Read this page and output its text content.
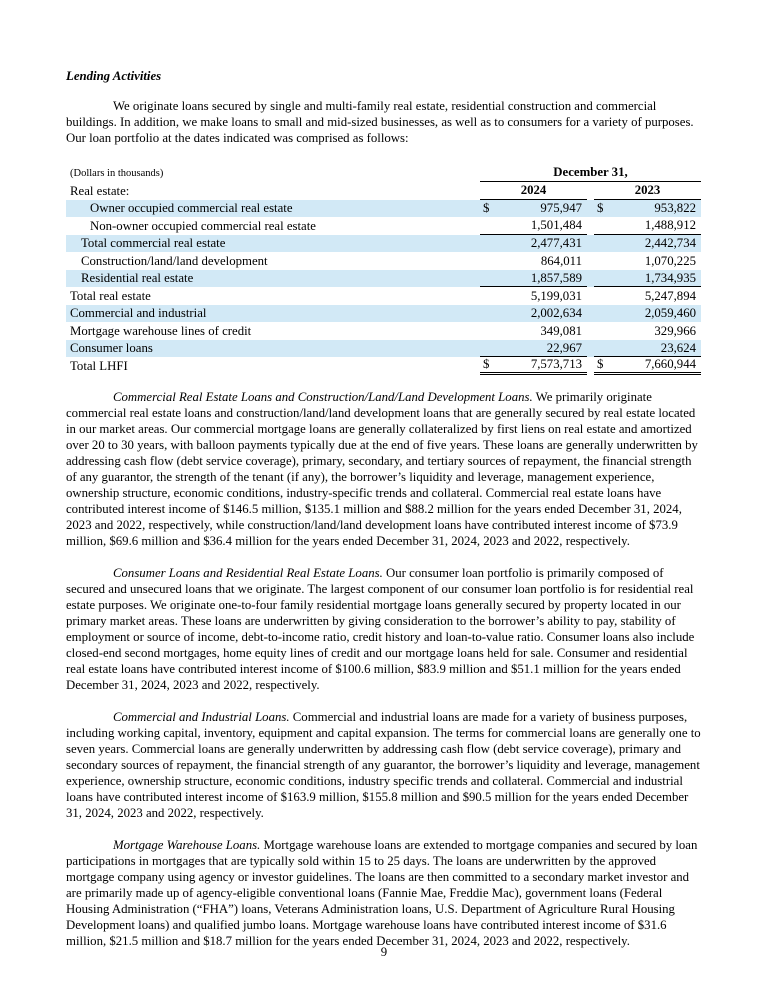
Lending Activities

We originate loans secured by single and multi-family real estate, residential construction and commercial buildings. In addition, we make loans to small and mid-sized businesses, as well as to consumers for a variety of purposes. Our loan portfolio at the dates indicated was comprised as follows:

(Dollars in thousands)	December 31,
Real estate:	2024	2023
Owner occupied commercial real estate	$	975,947	$	953,822
Non-owner occupied commercial real estate	1,501,484	1,488,912
Total commercial real estate	2,477,431	2,442,734
Construction/land/land development	864,011	1,070,225
Residential real estate	1,857,589	1,734,935
Total real estate	5,199,031	5,247,894
Commercial and industrial	2,002,634	2,059,460
Mortgage warehouse lines of credit	349,081	329,966
Consumer loans	22,967	23,624
Total LHFI	$	7,573,713	$	7,660,944

Commercial Real Estate Loans and Construction/Land/Land Development Loans. We primarily originate commercial real estate loans and construction/land/land development loans that are generally secured by real estate located in our market areas. Our commercial mortgage loans are generally collateralized by first liens on real estate and amortized over 20 to 30 years, with balloon payments typically due at the end of five years. These loans are generally underwritten by addressing cash flow (debt service coverage), primary, secondary, and tertiary sources of repayment, the financial strength of any guarantor, the strength of the tenant (if any), the borrower’s liquidity and leverage, management experience, ownership structure, economic conditions, industry-specific trends and collateral. Commercial real estate loans have contributed interest income of $146.5 million, $135.1 million and $88.2 million for the years ended December 31, 2024, 2023 and 2022, respectively, while construction/land/land development loans have contributed interest income of $73.9 million, $69.6 million and $36.4 million for the years ended December 31, 2024, 2023 and 2022, respectively.

Consumer Loans and Residential Real Estate Loans. Our consumer loan portfolio is primarily composed of secured and unsecured loans that we originate. The largest component of our consumer loan portfolio is for residential real estate purposes. We originate one-to-four family residential mortgage loans generally secured by property located in our primary market areas. These loans are underwritten by giving consideration to the borrower’s ability to pay, stability of employment or source of income, debt-to-income ratio, credit history and loan-to-value ratio. Consumer loans also include closed-end second mortgages, home equity lines of credit and our mortgage loans held for sale. Consumer and residential real estate loans have contributed interest income of $100.6 million, $83.9 million and $51.1 million for the years ended December 31, 2024, 2023 and 2022, respectively.

Commercial and Industrial Loans. Commercial and industrial loans are made for a variety of business purposes, including working capital, inventory, equipment and capital expansion. The terms for commercial loans are generally one to seven years. Commercial loans are generally underwritten by addressing cash flow (debt service coverage), primary and secondary sources of repayment, the financial strength of any guarantor, the borrower’s liquidity and leverage, management experience, ownership structure, economic conditions, industry specific trends and collateral. Commercial and industrial loans have contributed interest income of $163.9 million, $155.8 million and $90.5 million for the years ended December 31, 2024, 2023 and 2022, respectively.

Mortgage Warehouse Loans. Mortgage warehouse loans are extended to mortgage companies and secured by loan participations in mortgages that are typically sold within 15 to 25 days. The loans are underwritten by the approved mortgage company using agency or investor guidelines. The loans are then committed to a secondary market investor and are primarily made up of agency-eligible conventional loans (Fannie Mae, Freddie Mac), government loans (Federal Housing Administration (“FHA”) loans, Veterans Administration loans, U.S. Department of Agriculture Rural Housing Development loans) and qualified jumbo loans. Mortgage warehouse loans have contributed interest income of $31.6 million, $21.5 million and $18.7 million for the years ended December 31, 2024, 2023 and 2022, respectively.

9
